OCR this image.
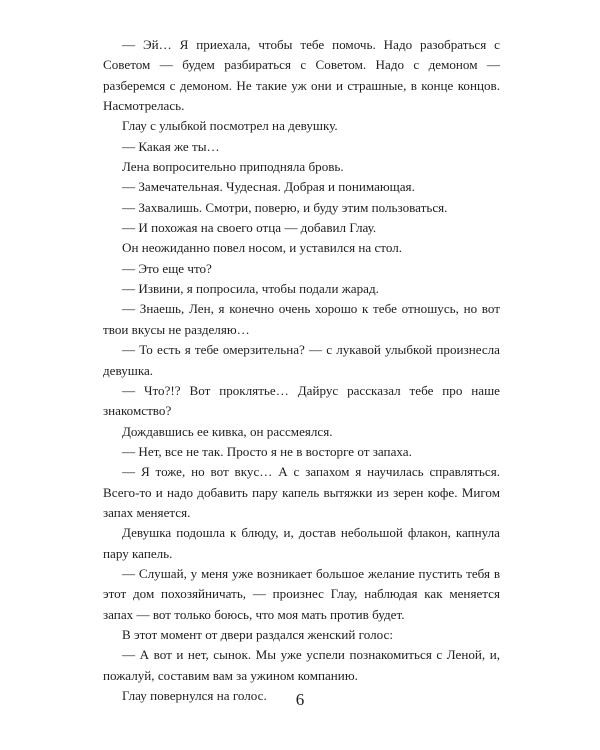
— Эй… Я приехала, чтобы тебе помочь. Надо разобраться с Советом — будем разбираться с Советом. Надо с демоном — разберемся с демоном. Не такие уж они и страшные, в конце концов. Насмотрелась.

Глау с улыбкой посмотрел на девушку.

— Какая же ты…

Лена вопросительно приподняла бровь.

— Замечательная. Чудесная. Добрая и понимающая.

— Захвалишь. Смотри, поверю, и буду этим пользоваться.

— И похожая на своего отца — добавил Глау.

Он неожиданно повел носом, и уставился на стол.

— Это еще что?

— Извини, я попросила, чтобы подали жарад.

— Знаешь, Лен, я конечно очень хорошо к тебе отношусь, но вот твои вкусы не разделяю…

— То есть я тебе омерзительна? — с лукавой улыбкой произнесла девушка.

— Что?!? Вот проклятье… Дайрус рассказал тебе про наше знакомство?

Дождавшись ее кивка, он рассмеялся.

— Нет, все не так. Просто я не в восторге от запаха.

— Я тоже, но вот вкус… А с запахом я научилась справляться. Всего-то и надо добавить пару капель вытяжки из зерен кофе. Мигом запах меняется.

Девушка подошла к блюду, и, достав небольшой флакон, капнула пару капель.

— Слушай, у меня уже возникает большое желание пустить тебя в этот дом похозяйничать, — произнес Глау, наблюдая как меняется запах — вот только боюсь, что моя мать против будет.

В этот момент от двери раздался женский голос:

— А вот и нет, сынок. Мы уже успели познакомиться с Леной, и, пожалуй, составим вам за ужином компанию.

Глау повернулся на голос.	6
